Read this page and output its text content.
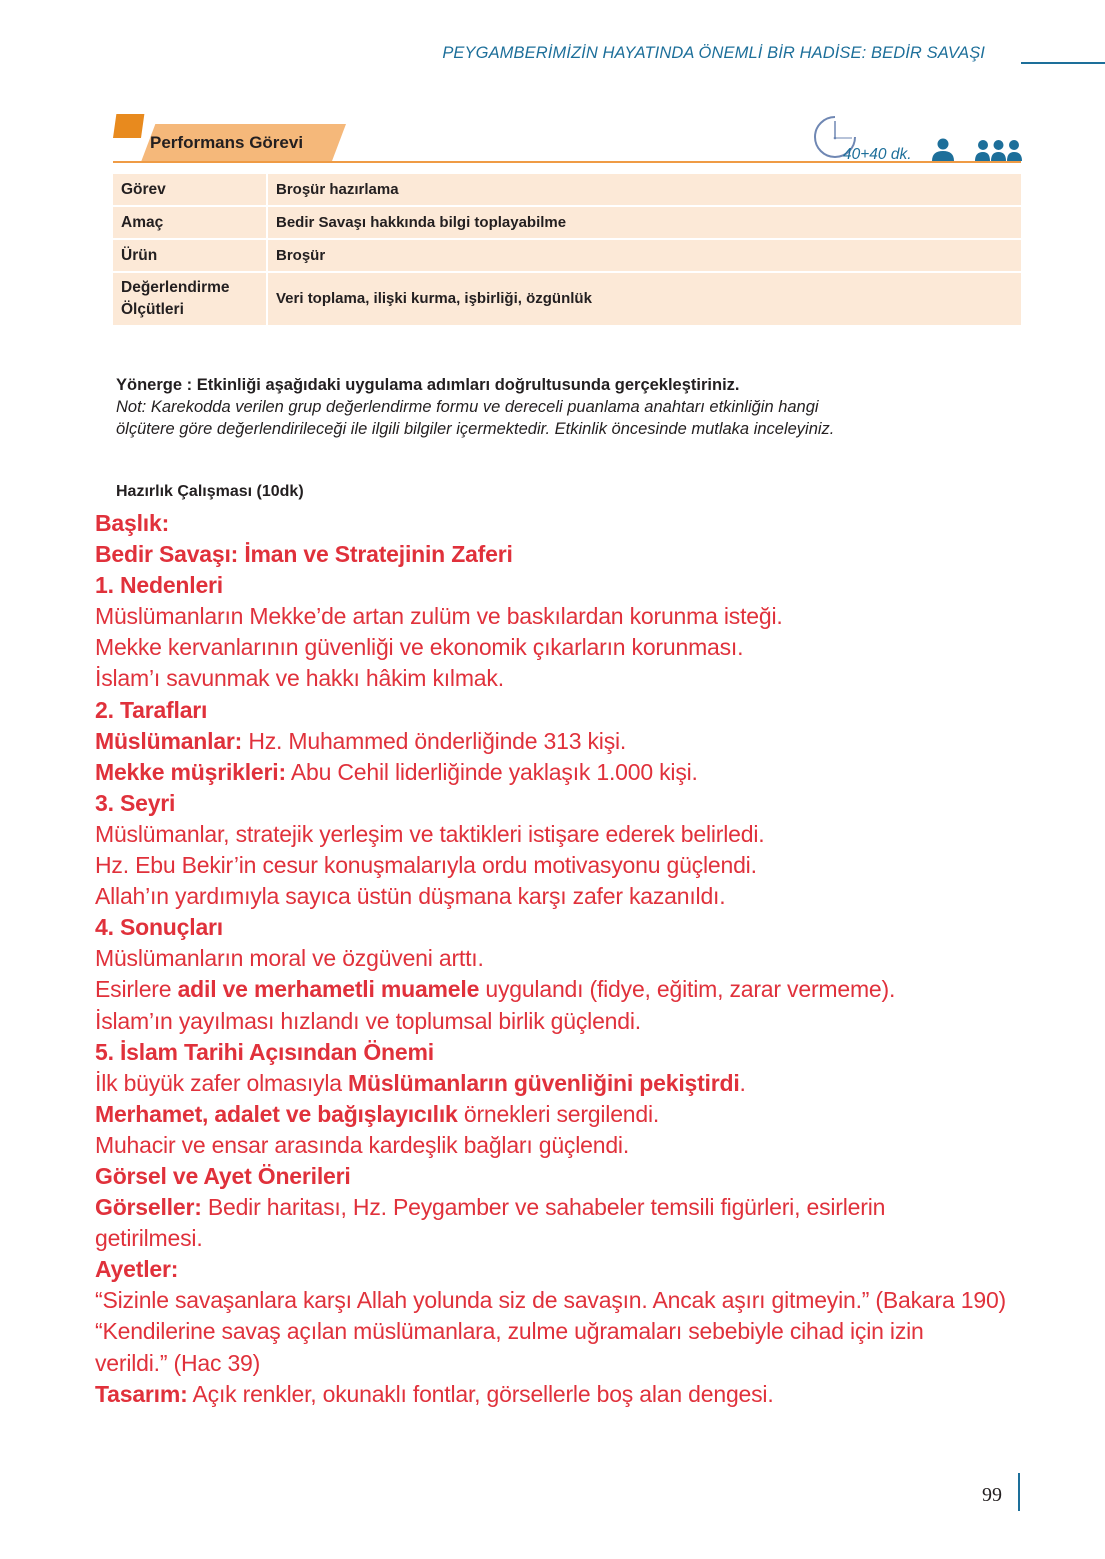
PEYGAMBERİMİZİN HAYATINDA ÖNEMLİ BİR HADİSE: BEDİR SAVAŞI
Performans Görevi
40+40 dk.
Görev	Broşür hazırlama
Amaç	Bedir Savaşı hakkında bilgi toplayabilme
Ürün	Broşür

Değerlendirme
Ölçütleri	Veri toplama, ilişki kurma, işbirliği, özgünlük
Yönerge : Etkinliği aşağıdaki uygulama adımları doğrultusunda gerçekleştiriniz.
Not: Karekodda verilen grup değerlendirme formu ve dereceli puanlama anahtarı etkinliğin hangi
ölçütere göre değerlendirileceği ile ilgili bilgiler içermektedir. Etkinlik öncesinde mutlaka inceleyiniz.
Hazırlık Çalışması (10dk)
Başlık:
Bedir Savaşı: İman ve Stratejinin Zaferi
1. Nedenleri
Müslümanların Mekke’de artan zulüm ve baskılardan korunma isteği.
Mekke kervanlarının güvenliği ve ekonomik çıkarların korunması.
İslam’ı savunmak ve hakkı hâkim kılmak.
2. Tarafları
Müslümanlar: Hz. Muhammed önderliğinde 313 kişi.
Mekke müşrikleri: Abu Cehil liderliğinde yaklaşık 1.000 kişi.
3. Seyri
Müslümanlar, stratejik yerleşim ve taktikleri istişare ederek belirledi.
Hz. Ebu Bekir’in cesur konuşmalarıyla ordu motivasyonu güçlendi.
Allah’ın yardımıyla sayıca üstün düşmana karşı zafer kazanıldı.
4. Sonuçları
Müslümanların moral ve özgüveni arttı.
Esirlere adil ve merhametli muamele uygulandı (fidye, eğitim, zarar vermeme).
İslam’ın yayılması hızlandı ve toplumsal birlik güçlendi.
5. İslam Tarihi Açısından Önemi
İlk büyük zafer olmasıyla Müslümanların güvenliğini pekiştirdi.
Merhamet, adalet ve bağışlayıcılık örnekleri sergilendi.
Muhacir ve ensar arasında kardeşlik bağları güçlendi.
Görsel ve Ayet Önerileri
Görseller: Bedir haritası, Hz. Peygamber ve sahabeler temsili figürleri, esirlerin
getirilmesi.
Ayetler:
“Sizinle savaşanlara karşı Allah yolunda siz de savaşın. Ancak aşırı gitmeyin.” (Bakara 190)
“Kendilerine savaş açılan müslümanlara, zulme uğramaları sebebiyle cihad için izin
verildi.” (Hac 39)
Tasarım: Açık renkler, okunaklı fontlar, görsellerle boş alan dengesi.
99
